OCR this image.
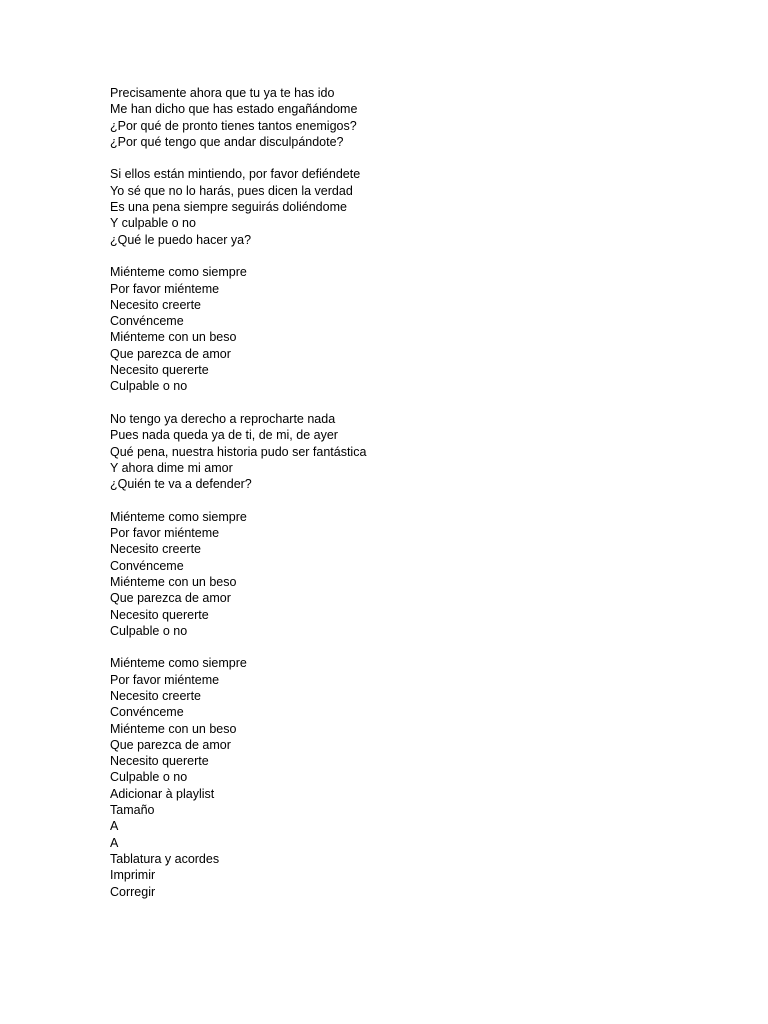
Precisamente ahora que tu ya te has ido
Me han dicho que has estado engañándome
¿Por qué de pronto tienes tantos enemigos?
¿Por qué tengo que andar disculpándote?
Si ellos están mintiendo, por favor defiéndete
Yo sé que no lo harás, pues dicen la verdad
Es una pena siempre seguirás doliéndome
Y culpable o no
¿Qué le puedo hacer ya?
Miénteme como siempre
Por favor miénteme
Necesito creerte
Convénceme
Miénteme con un beso
Que parezca de amor
Necesito quererte
Culpable o no
No tengo ya derecho a reprocharte nada
Pues nada queda ya de ti, de mi, de ayer
Qué pena, nuestra historia pudo ser fantástica
Y ahora dime mi amor
¿Quién te va a defender?
Miénteme como siempre
Por favor miénteme
Necesito creerte
Convénceme
Miénteme con un beso
Que parezca de amor
Necesito quererte
Culpable o no
Miénteme como siempre
Por favor miénteme
Necesito creerte
Convénceme
Miénteme con un beso
Que parezca de amor
Necesito quererte
Culpable o no
Adicionar à playlist
Tamaño
A
A
Tablatura y acordes
Imprimir
Corregir
